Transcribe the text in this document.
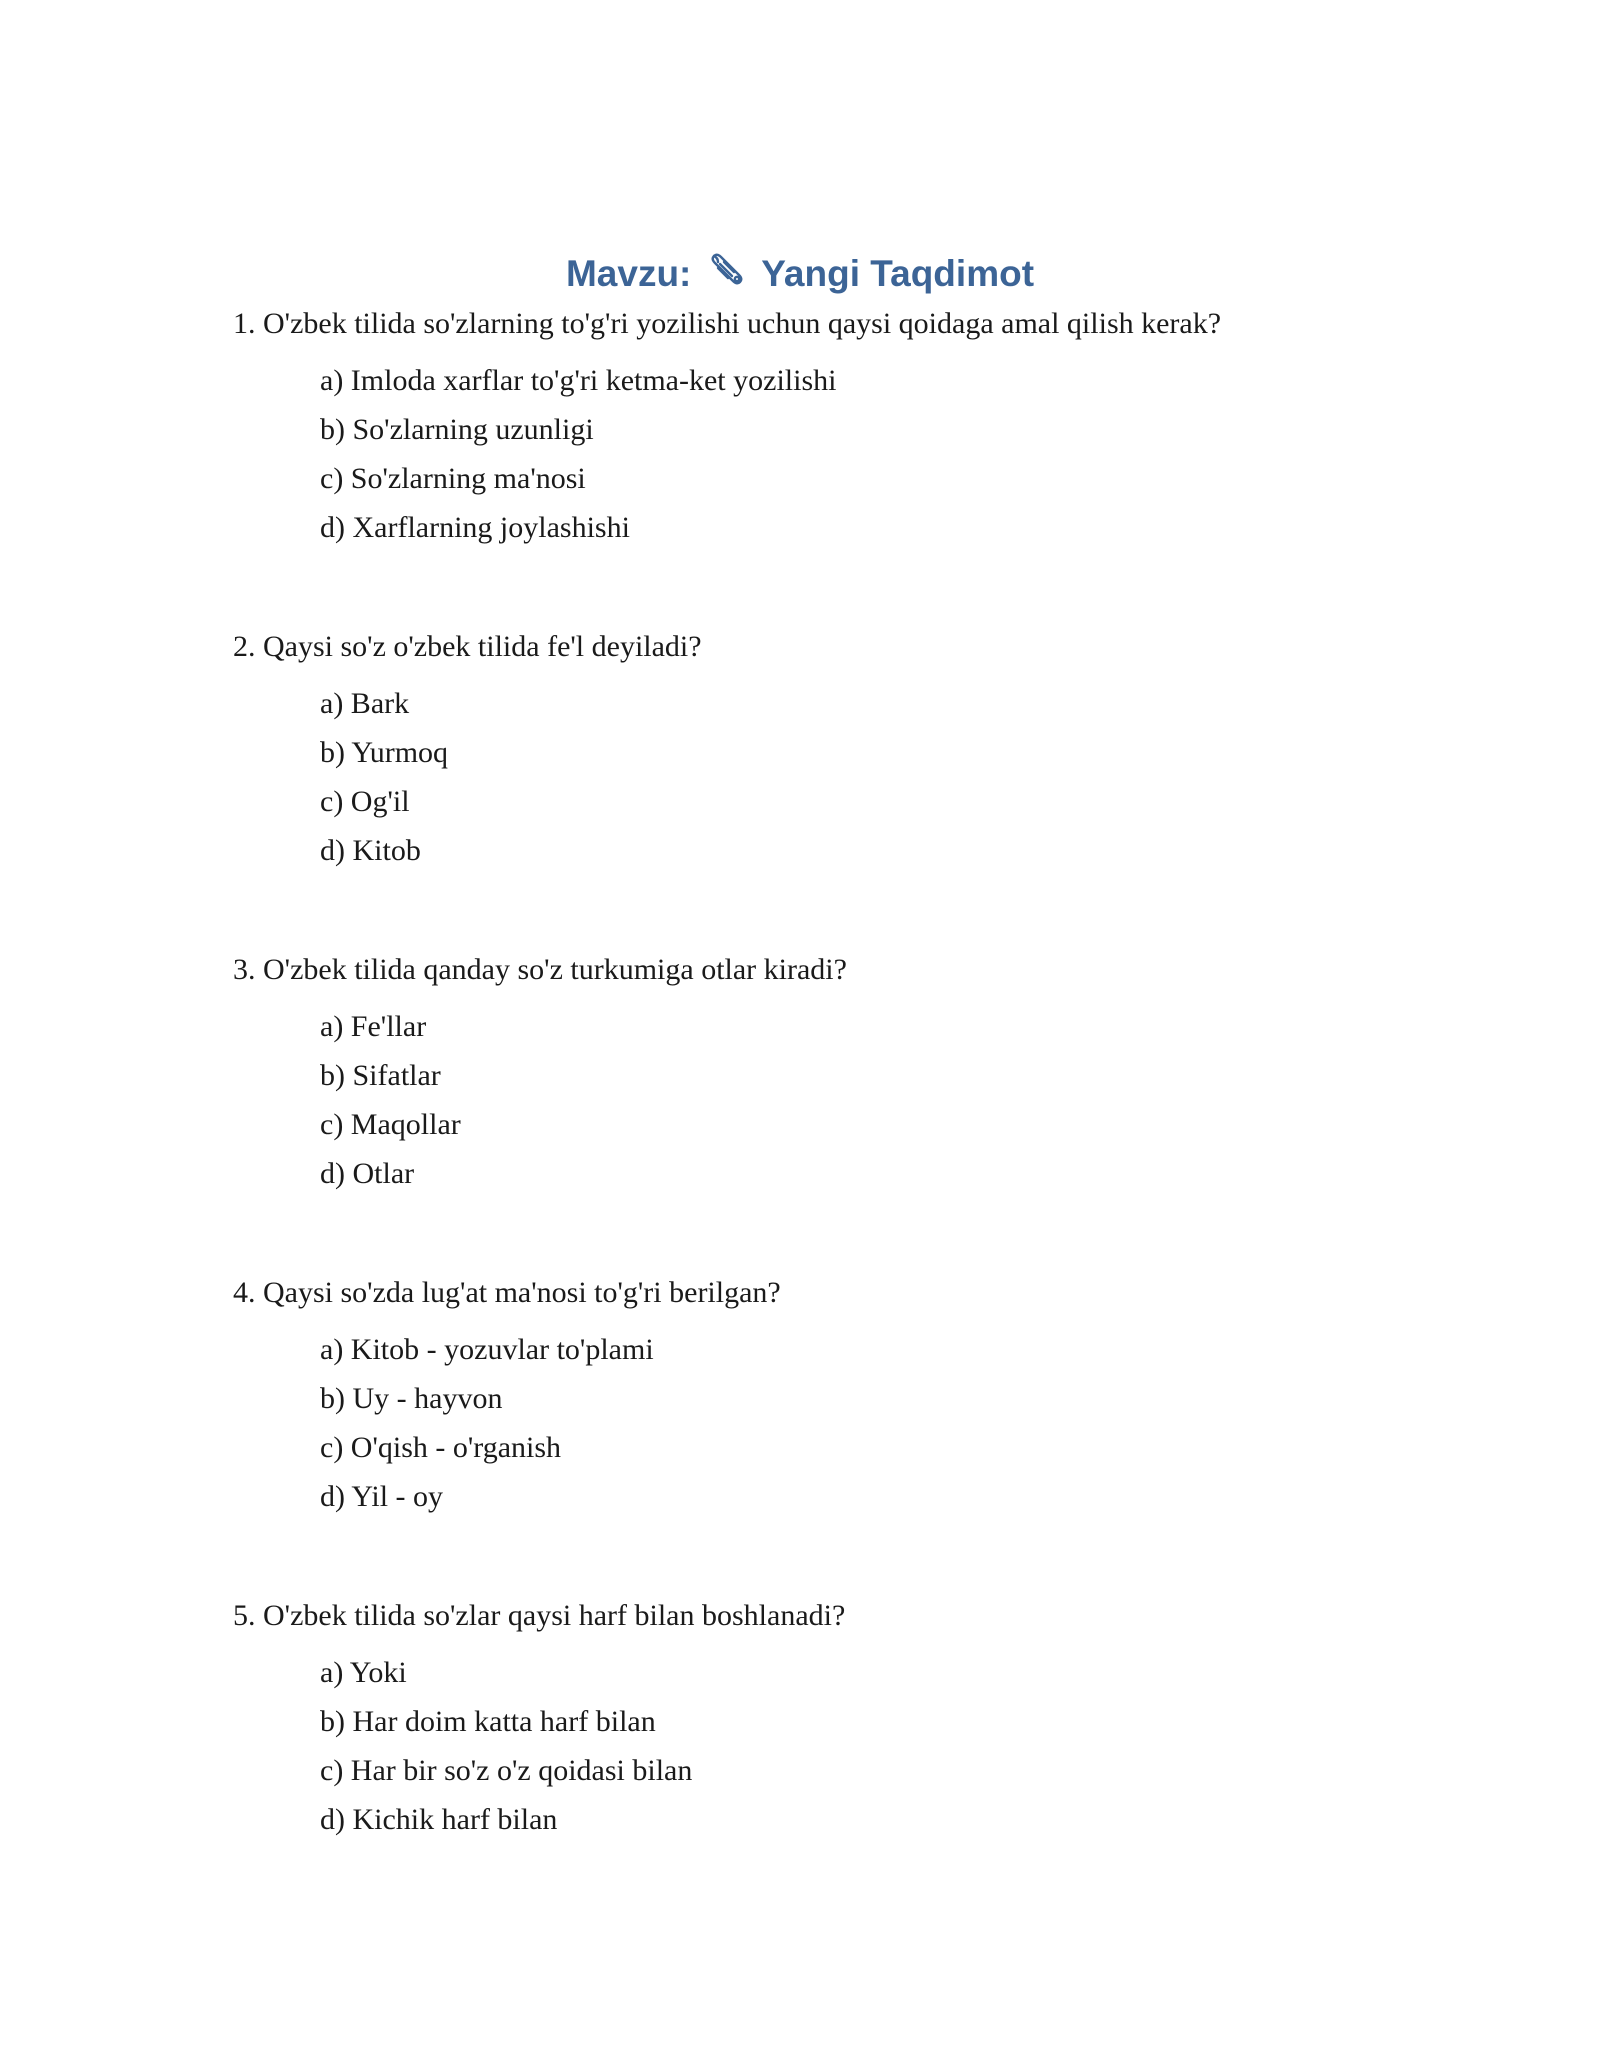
Mavzu: Yangi Taqdimot
1. O'zbek tilida so'zlarning to'g'ri yozilishi uchun qaysi qoidaga amal qilish kerak?
a) Imloda xarflar to'g'ri ketma-ket yozilishi
b) So'zlarning uzunligi
c) So'zlarning ma'nosi
d) Xarflarning joylashishi
2. Qaysi so'z o'zbek tilida fe'l deyiladi?
a) Bark
b) Yurmoq
c) Og'il
d) Kitob
3. O'zbek tilida qanday so'z turkumiga otlar kiradi?
a) Fe'llar
b) Sifatlar
c) Maqollar
d) Otlar
4. Qaysi so'zda lug'at ma'nosi to'g'ri berilgan?
a) Kitob - yozuvlar to'plami
b) Uy - hayvon
c) O'qish - o'rganish
d) Yil - oy
5. O'zbek tilida so'zlar qaysi harf bilan boshlanadi?
a) Yoki
b) Har doim katta harf bilan
c) Har bir so'z o'z qoidasi bilan
d) Kichik harf bilan
